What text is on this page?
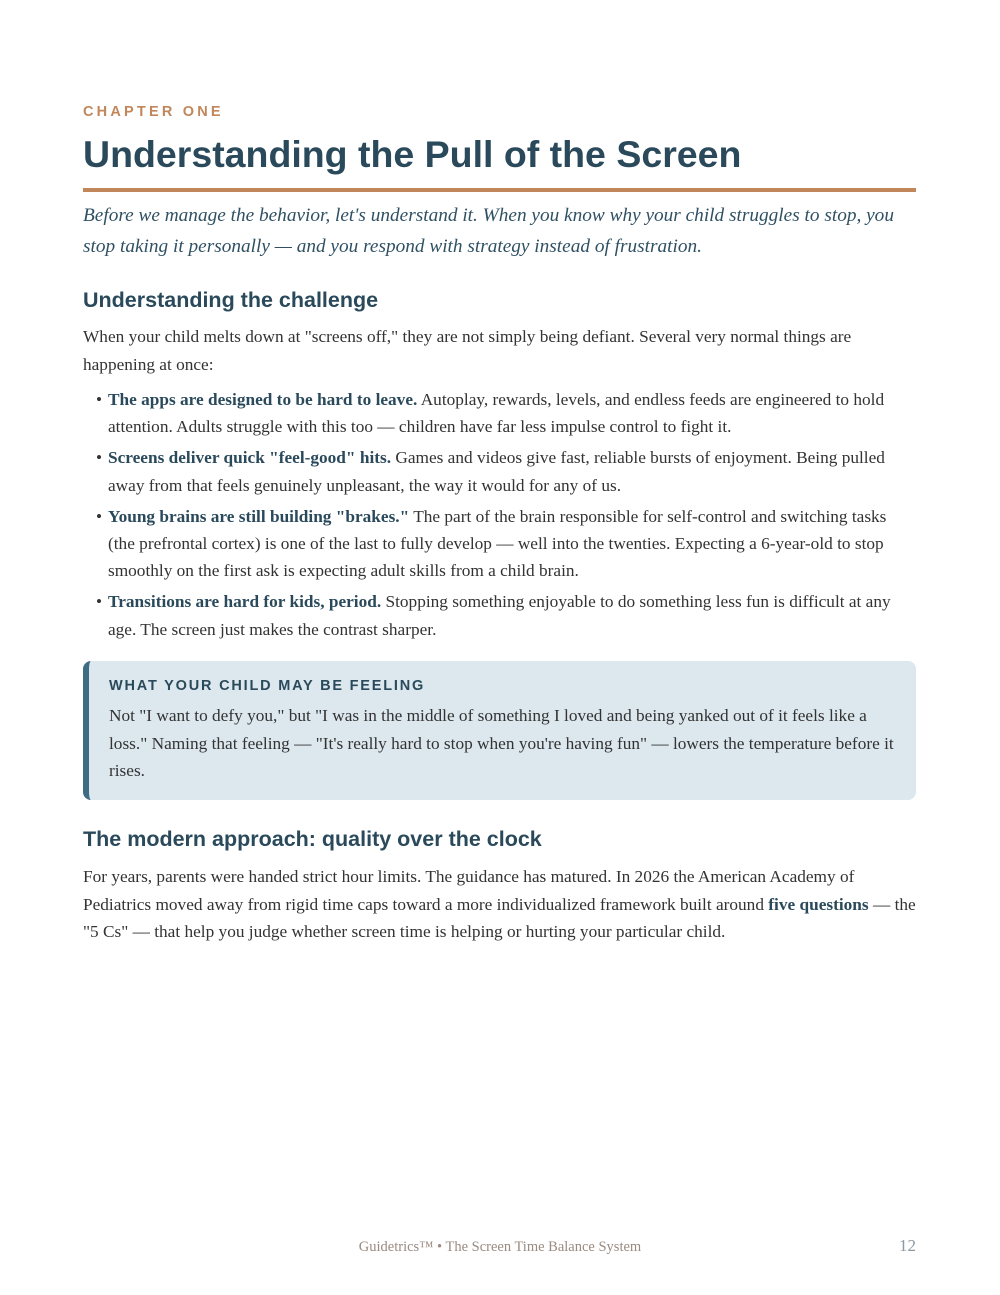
CHAPTER ONE
Understanding the Pull of the Screen

Before we manage the behavior, let's understand it. When you know why your child struggles to stop, you stop taking it personally — and you respond with strategy instead of frustration.

Understanding the challenge

When your child melts down at "screens off," they are not simply being defiant. Several very normal things are happening at once:

• The apps are designed to be hard to leave. Autoplay, rewards, levels, and endless feeds are engineered to hold attention. Adults struggle with this too — children have far less impulse control to fight it.
• Screens deliver quick "feel-good" hits. Games and videos give fast, reliable bursts of enjoyment. Being pulled away from that feels genuinely unpleasant, the way it would for any of us.
• Young brains are still building "brakes." The part of the brain responsible for self-control and switching tasks (the prefrontal cortex) is one of the last to fully develop — well into the twenties. Expecting a 6-year-old to stop smoothly on the first ask is expecting adult skills from a child brain.
• Transitions are hard for kids, period. Stopping something enjoyable to do something less fun is difficult at any age. The screen just makes the contrast sharper.
WHAT YOUR CHILD MAY BE FEELING

Not "I want to defy you," but "I was in the middle of something I loved and being yanked out of it feels like a loss." Naming that feeling — "It's really hard to stop when you're having fun" — lowers the temperature before it rises.

The modern approach: quality over the clock

For years, parents were handed strict hour limits. The guidance has matured. In 2026 the American Academy of Pediatrics moved away from rigid time caps toward a more individualized framework built around five questions — the "5 Cs" — that help you judge whether screen time is helping or hurting your particular child.

Guidetrics™ • The Screen Time Balance System	12
